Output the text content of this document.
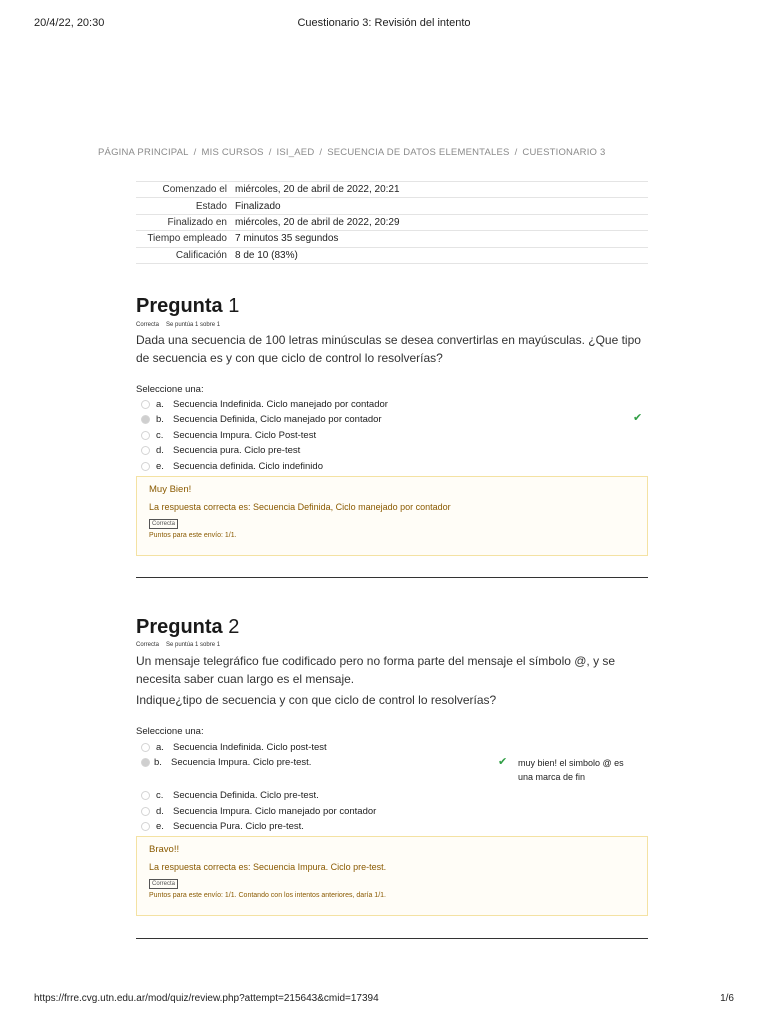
20/4/22, 20:30	Cuestionario 3: Revisión del intento
PÁGINA PRINCIPAL / MIS CURSOS / ISI_AED / SECUENCIA DE DATOS ELEMENTALES / CUESTIONARIO 3
Comenzado el	miércoles, 20 de abril de 2022, 20:21
Estado	Finalizado
Finalizado en	miércoles, 20 de abril de 2022, 20:29
Tiempo empleado	7 minutos 35 segundos
Calificación	8 de 10 (83%)
Pregunta 1
Correcta Se puntúa 1 sobre 1
Dada una secuencia de 100 letras minúsculas se desea convertirlas en mayúsculas. ¿Que tipo de secuencia es y con que ciclo de control lo resolverías?
Seleccione una:
a. Secuencia Indefinida. Ciclo manejado por contador
b. Secuencia Definida, Ciclo manejado por contador	✔
c. Secuencia Impura. Ciclo Post-test
d. Secuencia pura. Ciclo pre-test
e. Secuencia definida. Ciclo indefinido
Muy Bien!
La respuesta correcta es: Secuencia Definida, Ciclo manejado por contador
Correcta
Puntos para este envío: 1/1.
Pregunta 2
Correcta Se puntúa 1 sobre 1
Un mensaje telegráfico fue codificado pero no forma parte del mensaje el símbolo @, y se necesita saber cuan largo es el mensaje.
Indique¿tipo de secuencia y con que ciclo de control lo resolverías?
Seleccione una:
a. Secuencia Indefinida. Ciclo post-test
b. Secuencia Impura. Ciclo pre-test.	✔ muy bien! el simbolo @ es una marca de fin
c. Secuencia Definida. Ciclo pre-test.
d. Secuencia Impura. Ciclo manejado por contador
e. Secuencia Pura. Ciclo pre-test.
Bravo!!
La respuesta correcta es: Secuencia Impura. Ciclo pre-test.
Correcta
Puntos para este envío: 1/1. Contando con los intentos anteriores, daría 1/1.
https://frre.cvg.utn.edu.ar/mod/quiz/review.php?attempt=215643&cmid=17394	1/6
